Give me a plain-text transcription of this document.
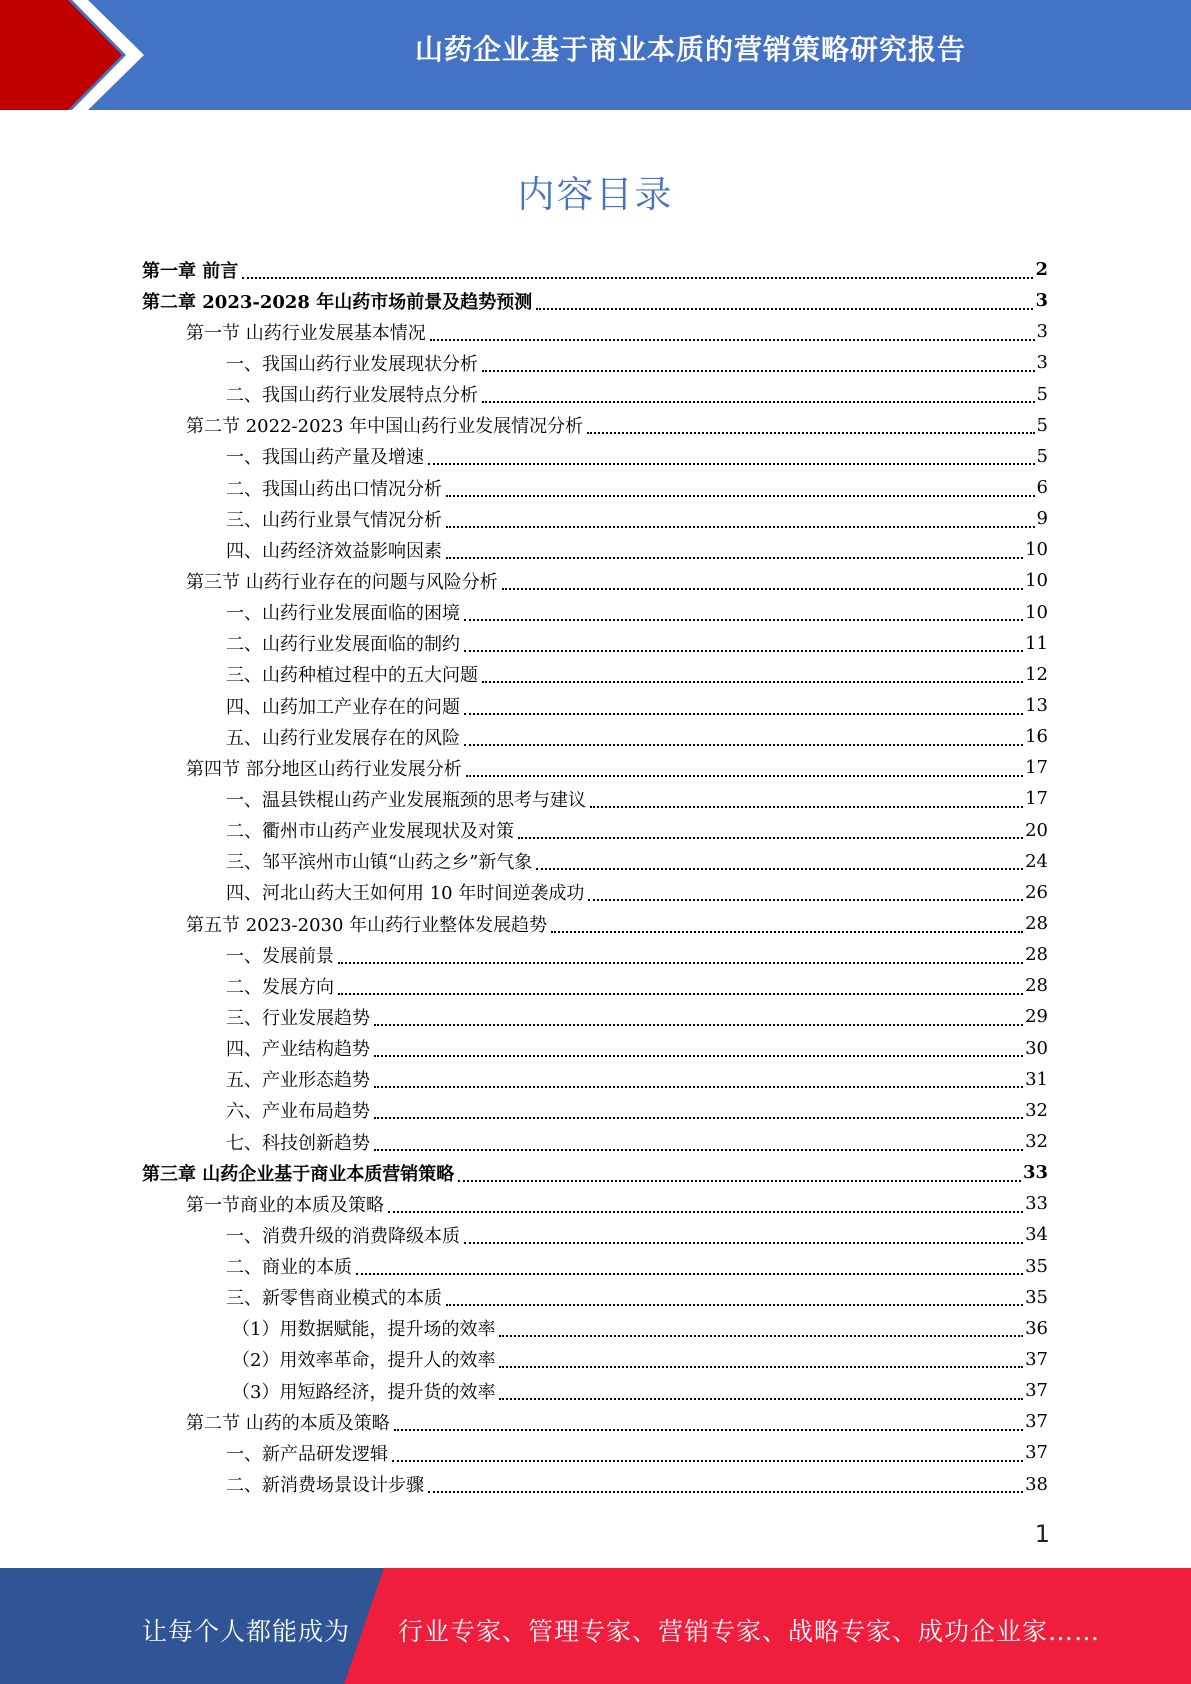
山药企业基于商业本质的营销策略研究报告
内容目录
第一章 前言	2
第二章 2023-2028 年山药市场前景及趋势预测	3
第一节 山药行业发展基本情况	3
一、我国山药行业发展现状分析	3
二、我国山药行业发展特点分析	5
第二节 2022-2023 年中国山药行业发展情况分析	5
一、我国山药产量及增速	5
二、我国山药出口情况分析	6
三、山药行业景气情况分析	9
四、山药经济效益影响因素	10
第三节 山药行业存在的问题与风险分析	10
一、山药行业发展面临的困境	10
二、山药行业发展面临的制约	11
三、山药种植过程中的五大问题	12
四、山药加工产业存在的问题	13
五、山药行业发展存在的风险	16
第四节 部分地区山药行业发展分析	17
一、温县铁棍山药产业发展瓶颈的思考与建议	17
二、衢州市山药产业发展现状及对策	20
三、邹平滨州市山镇“山药之乡”新气象	24
四、河北山药大王如何用 10 年时间逆袭成功	26
第五节 2023-2030 年山药行业整体发展趋势	28
一、发展前景	28
二、发展方向	28
三、行业发展趋势	29
四、产业结构趋势	30
五、产业形态趋势	31
六、产业布局趋势	32
七、科技创新趋势	32
第三章 山药企业基于商业本质营销策略	33
第一节商业的本质及策略	33
一、消费升级的消费降级本质	34
二、商业的本质	35
三、新零售商业模式的本质	35
（1）用数据赋能，提升场的效率	36
（2）用效率革命，提升人的效率	37
（3）用短路经济，提升货的效率	37
第二节 山药的本质及策略	37
一、新产品研发逻辑	37
二、新消费场景设计步骤	38
1
让每个人都能成为 行业专家、管理专家、营销专家、战略专家、成功企业家……
